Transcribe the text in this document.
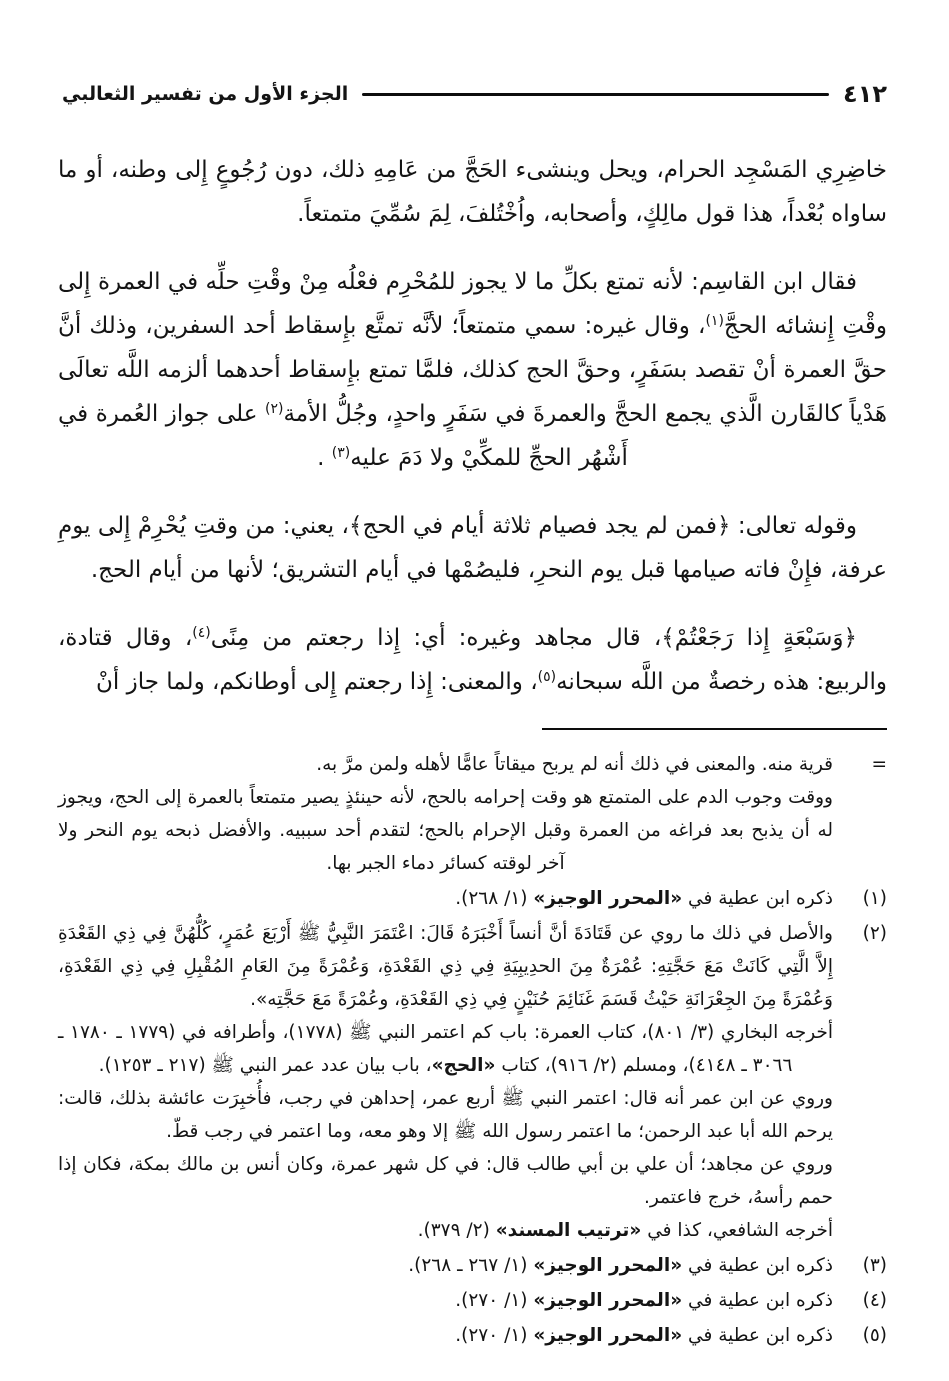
٤١٢
الجزء الأول من تفسير الثعالبي

خاضِرِي المَسْجِد الحرام، ويحل وينشىء الحَجَّ من عَامِهِ ذلك، دون رُجُوعٍ إِلى وطنه، أو ما ساواه بُعْداً، هذا قول مالِكٍ، وأصحابه، واُخْتُلفَ، لِمَ سُمِّيَ متمتعاً.

فقال ابن القاسِم: لأنه تمتع بكلِّ ما لا يجوز للمُحْرِم فعْلُه مِنْ وقْتِ حلِّه في العمرة إِلى وقْتِ إِنشائه الحجَّ$^{(١)}$، وقال غيره: سمي متمتعاً؛ لأنَّه تمتَّع بإِسقاط أحد السفرين، وذلك أنَّ حقَّ العمرة أنْ تقصد بسَفَرٍ، وحقَّ الحج كذلك، فلمَّا تمتع بإِسقاط أحدهما ألزمه اللَّه تعالَى هَدْياً كالقَارن الَّذي يجمع الحجَّ والعمرةَ في سَفَرٍ واحدٍ، وجُلُّ الأمة$^{(٢)}$ على جواز العُمرة في أَشْهُر الحجِّ للمكِّيْ ولا دَمَ عليه$^{(٣)}$ .

وقوله تعالى: ﴿فمن لم يجد فصيام ثلاثة أيام في الحج﴾، يعني: من وقتِ يُحْرِمْ إِلى يومِ عرفة، فإِنْ فاته صيامها قبل يوم النحرِ، فليصُمْها في أيام التشريق؛ لأنها من أيام الحج.

﴿وَسَبْعَةٍ إِذا رَجَعْتُمْ﴾، قال مجاهد وغيره: أي: إِذا رجعتم من مِنًى$^{(٤)}$، وقال قتادة، والربيع: هذه رخصةٌ من اللَّه سبحانه$^{(٥)}$، والمعنى: إِذا رجعتم إِلى أوطانكم، ولما جاز أنْ

=

قرية منه. والمعنى في ذلك أنه لم يربح ميقاتاً عامًّا لأهله ولمن مرَّ به.

ووقت وجوب الدم على المتمتع هو وقت إحرامه بالحج، لأنه حينئذٍ يصير متمتعاً بالعمرة إلى الحج، ويجوز له أن يذبح بعد فراغه من العمرة وقبل الإحرام بالحج؛ لتقدم أحد سببيه. والأفضل ذبحه يوم النحر ولا آخر لوقته كسائر دماء الجبر بها.

(١)

ذكره ابن عطية في «المحرر الوجيز» (١/ ٢٦٨).

(٢)

والأصل في ذلك ما روي عن قَتَادَةَ أنَّ أنساً أَخْبَرَهُ قَالَ: اعْتَمَرَ النَّبِيُّ ﷺ أَرْبَعَ عُمَرٍ، كُلُّهُنَّ فِي ذِي القَعْدَةِ إِلاَّ الَّتِي كَانَتْ مَعَ حَجَّتِهِ: عُمْرَةٌ مِنَ الحدِيبِيَةِ فِي ذِي القَعْدَةِ، وَعُمْرَةً مِنَ العَامِ المُقْبِلِ فِي ذِي القَعْدَةِ، وَعُمْرَةً مِنَ الجِعْرَانَةِ حَيْثُ قَسَمَ غَنَائِمَ حُنَيْنٍ فِي ذِي القَعْدَةِ، وعُمْرَةً مَعَ حَجَّتِه».

أخرجه البخاري (٣/ ٨٠١)، كتاب العمرة: باب كم اعتمر النبي ﷺ (١٧٧٨)، وأطرافه في (١٧٧٩ ـ ١٧٨٠ ـ ٣٠٦٦ ـ ٤١٤٨)، ومسلم (٢/ ٩١٦)، كتاب «الحج»، باب بيان عدد عمر النبي ﷺ (٢١٧ ـ ١٢٥٣).

وروي عن ابن عمر أنه قال: اعتمر النبي ﷺ أربع عمر، إحداهن في رجب، فأُخبِرَت عائشة بذلك، قالت: يرحم الله أبا عبد الرحمن؛ ما اعتمر رسول الله ﷺ إلا وهو معه، وما اعتمر في رجب قطّ.

وروي عن مجاهد؛ أن علي بن أبي طالب قال: في كل شهر عمرة، وكان أنس بن مالك بمكة، فكان إذا حمم رأسهُ، خرج فاعتمر.

أخرجه الشافعي، كذا في «ترتيب المسند» (٢/ ٣٧٩).

(٣)

ذكره ابن عطية في «المحرر الوجيز» (١/ ٢٦٧ ـ ٢٦٨).

(٤)

ذكره ابن عطية في «المحرر الوجيز» (١/ ٢٧٠).

(٥)

ذكره ابن عطية في «المحرر الوجيز» (١/ ٢٧٠).
